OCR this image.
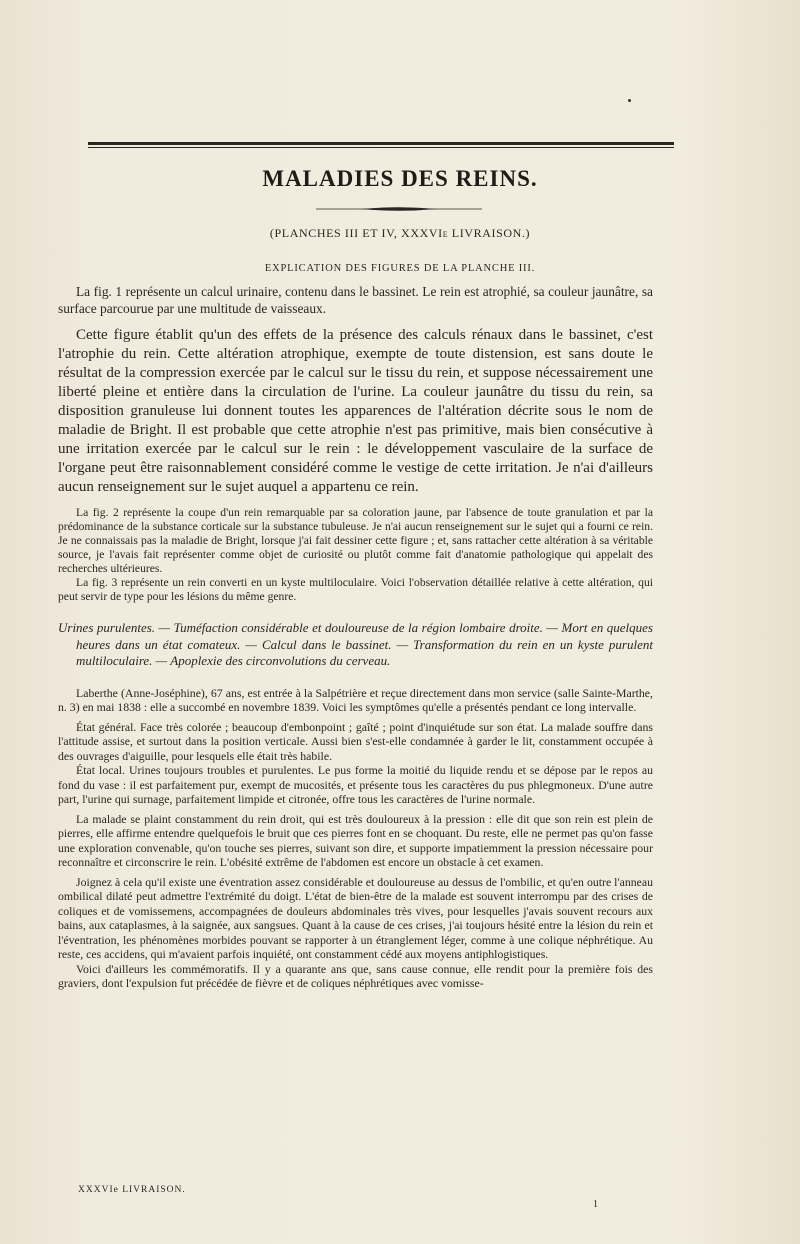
MALADIES DES REINS.
(PLANCHES III ET IV, XXXVIe LIVRAISON.)
EXPLICATION DES FIGURES DE LA PLANCHE III.

La fig. 1 représente un calcul urinaire, contenu dans le bassinet. Le rein est atrophié, sa couleur jaunâtre, sa surface parcourue par une multitude de vaisseaux.

Cette figure établit qu'un des effets de la présence des calculs rénaux dans le bassinet, c'est l'atrophie du rein. Cette altération atrophique, exempte de toute distension, est sans doute le résultat de la compression exercée par le calcul sur le tissu du rein, et suppose nécessairement une liberté pleine et entière dans la circulation de l'urine. La couleur jaunâtre du tissu du rein, sa disposition granuleuse lui donnent toutes les apparences de l'altération décrite sous le nom de maladie de Bright. Il est probable que cette atrophie n'est pas primitive, mais bien consécutive à une irritation exercée par le calcul sur le rein : le développement vasculaire de la surface de l'organe peut être raisonnablement considéré comme le vestige de cette irritation. Je n'ai d'ailleurs aucun renseignement sur le sujet auquel a appartenu ce rein.

La fig. 2 représente la coupe d'un rein remarquable par sa coloration jaune, par l'absence de toute granulation et par la prédominance de la substance corticale sur la substance tubuleuse. Je n'ai aucun renseignement sur le sujet qui a fourni ce rein. Je ne connaissais pas la maladie de Bright, lorsque j'ai fait dessiner cette figure ; et, sans rattacher cette altération à sa véritable source, je l'avais fait représenter comme objet de curiosité ou plutôt comme fait d'anatomie pathologique qui appelait des recherches ultérieures.

La fig. 3 représente un rein converti en un kyste multiloculaire. Voici l'observation détaillée relative à cette altération, qui peut servir de type pour les lésions du même genre.

Urines purulentes. — Tuméfaction considérable et douloureuse de la région lombaire droite. — Mort en quelques heures dans un état comateux. — Calcul dans le bassinet. — Transformation du rein en un kyste purulent multiloculaire. — Apoplexie des circonvolutions du cerveau.

Laberthe (Anne-Joséphine), 67 ans, est entrée à la Salpétrière et reçue directement dans mon service (salle Sainte-Marthe, n. 3) en mai 1838 : elle a succombé en novembre 1839. Voici les symptômes qu'elle a présentés pendant ce long intervalle.

État général. Face très colorée ; beaucoup d'embonpoint ; gaîté ; point d'inquiétude sur son état. La malade souffre dans l'attitude assise, et surtout dans la position verticale. Aussi bien s'est-elle condamnée à garder le lit, constamment occupée à des ouvrages d'aiguille, pour lesquels elle était très habile.

État local. Urines toujours troubles et purulentes. Le pus forme la moitié du liquide rendu et se dépose par le repos au fond du vase : il est parfaitement pur, exempt de mucosités, et présente tous les caractères du pus phlegmoneux. D'une autre part, l'urine qui surnage, parfaitement limpide et citronée, offre tous les caractères de l'urine normale.

La malade se plaint constamment du rein droit, qui est très douloureux à la pression : elle dit que son rein est plein de pierres, elle affirme entendre quelquefois le bruit que ces pierres font en se choquant. Du reste, elle ne permet pas qu'on fasse une exploration convenable, qu'on touche ses pierres, suivant son dire, et supporte impatiemment la pression nécessaire pour reconnaître et circonscrire le rein. L'obésité extrême de l'abdomen est encore un obstacle à cet examen.

Joignez à cela qu'il existe une éventration assez considérable et douloureuse au dessus de l'ombilic, et qu'en outre l'anneau ombilical dilaté peut admettre l'extrémité du doigt. L'état de bien-être de la malade est souvent interrompu par des crises de coliques et de vomissemens, accompagnées de douleurs abdominales très vives, pour lesquelles j'avais souvent recours aux bains, aux cataplasmes, à la saignée, aux sangsues. Quant à la cause de ces crises, j'ai toujours hésité entre la lésion du rein et l'éventration, les phénomènes morbides pouvant se rapporter à un étranglement léger, comme à une colique néphrétique. Au reste, ces accidens, qui m'avaient parfois inquiété, ont constamment cédé aux moyens antiphlogistiques.

Voici d'ailleurs les commémoratifs. Il y a quarante ans que, sans cause connue, elle rendit pour la première fois des graviers, dont l'expulsion fut précédée de fièvre et de coliques néphrétiques avec vomisse-

XXXVIe LIVRAISON.
1
